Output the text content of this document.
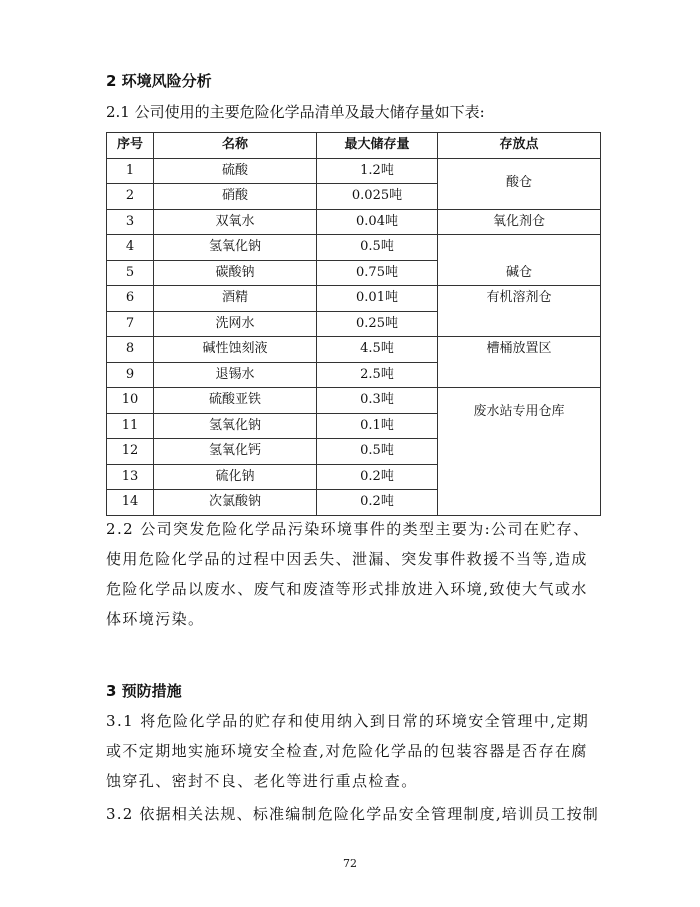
2 环境风险分析
2.1 公司使用的主要危险化学品清单及最大储存量如下表:
序号	名称	最大储存量	存放点
1	硫酸	1.2吨	酸仓
2	硝酸	0.025吨	
3	双氧水	0.04吨	氧化剂仓
4	氢氧化钠	0.5吨	碱仓
5	碳酸钠	0.75吨	
6	酒精	0.01吨	有机溶剂仓
7	洗网水	0.25吨	
8	碱性蚀刻液	4.5吨	槽桶放置区
9	退锡水	2.5吨	
10	硫酸亚铁	0.3吨	废水站专用仓库
11	氢氧化钠	0.1吨	
12	氢氧化钙	0.5吨	
13	硫化钠	0.2吨	
14	次氯酸钠	0.2吨	

2.2 公司突发危险化学品污染环境事件的类型主要为:公司在贮存、使用危险化学品的过程中因丢失、泄漏、突发事件救援不当等,造成危险化学品以废水、废气和废渣等形式排放进入环境,致使大气或水体环境污染。

3 预防措施

3.1 将危险化学品的贮存和使用纳入到日常的环境安全管理中,定期或不定期地实施环境安全检查,对危险化学品的包装容器是否存在腐蚀穿孔、密封不良、老化等进行重点检查。

3.2 依据相关法规、标准编制危险化学品安全管理制度,培训员工按制
72
